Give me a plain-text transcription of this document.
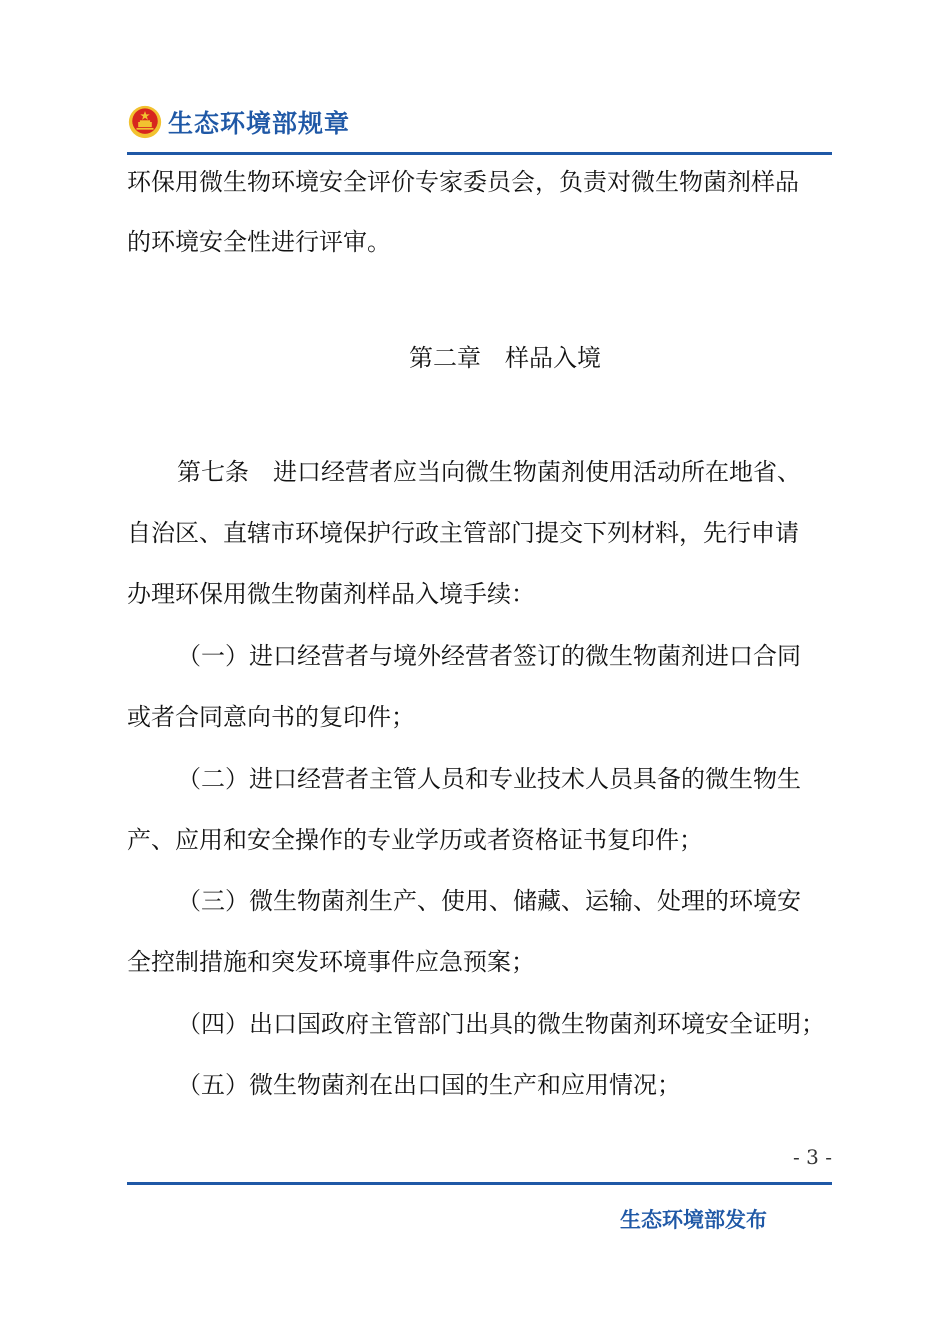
生态环境部规章
环保用微生物环境安全评价专家委员会，负责对微生物菌剂样品
的环境安全性进行评审。
第二章　样品入境
第七条　进口经营者应当向微生物菌剂使用活动所在地省、
自治区、直辖市环境保护行政主管部门提交下列材料，先行申请
办理环保用微生物菌剂样品入境手续：
（一）进口经营者与境外经营者签订的微生物菌剂进口合同
或者合同意向书的复印件；
（二）进口经营者主管人员和专业技术人员具备的微生物生
产、应用和安全操作的专业学历或者资格证书复印件；
（三）微生物菌剂生产、使用、储藏、运输、处理的环境安
全控制措施和突发环境事件应急预案；
（四）出口国政府主管部门出具的微生物菌剂环境安全证明；
（五）微生物菌剂在出口国的生产和应用情况；
- 3 -
生态环境部发布
